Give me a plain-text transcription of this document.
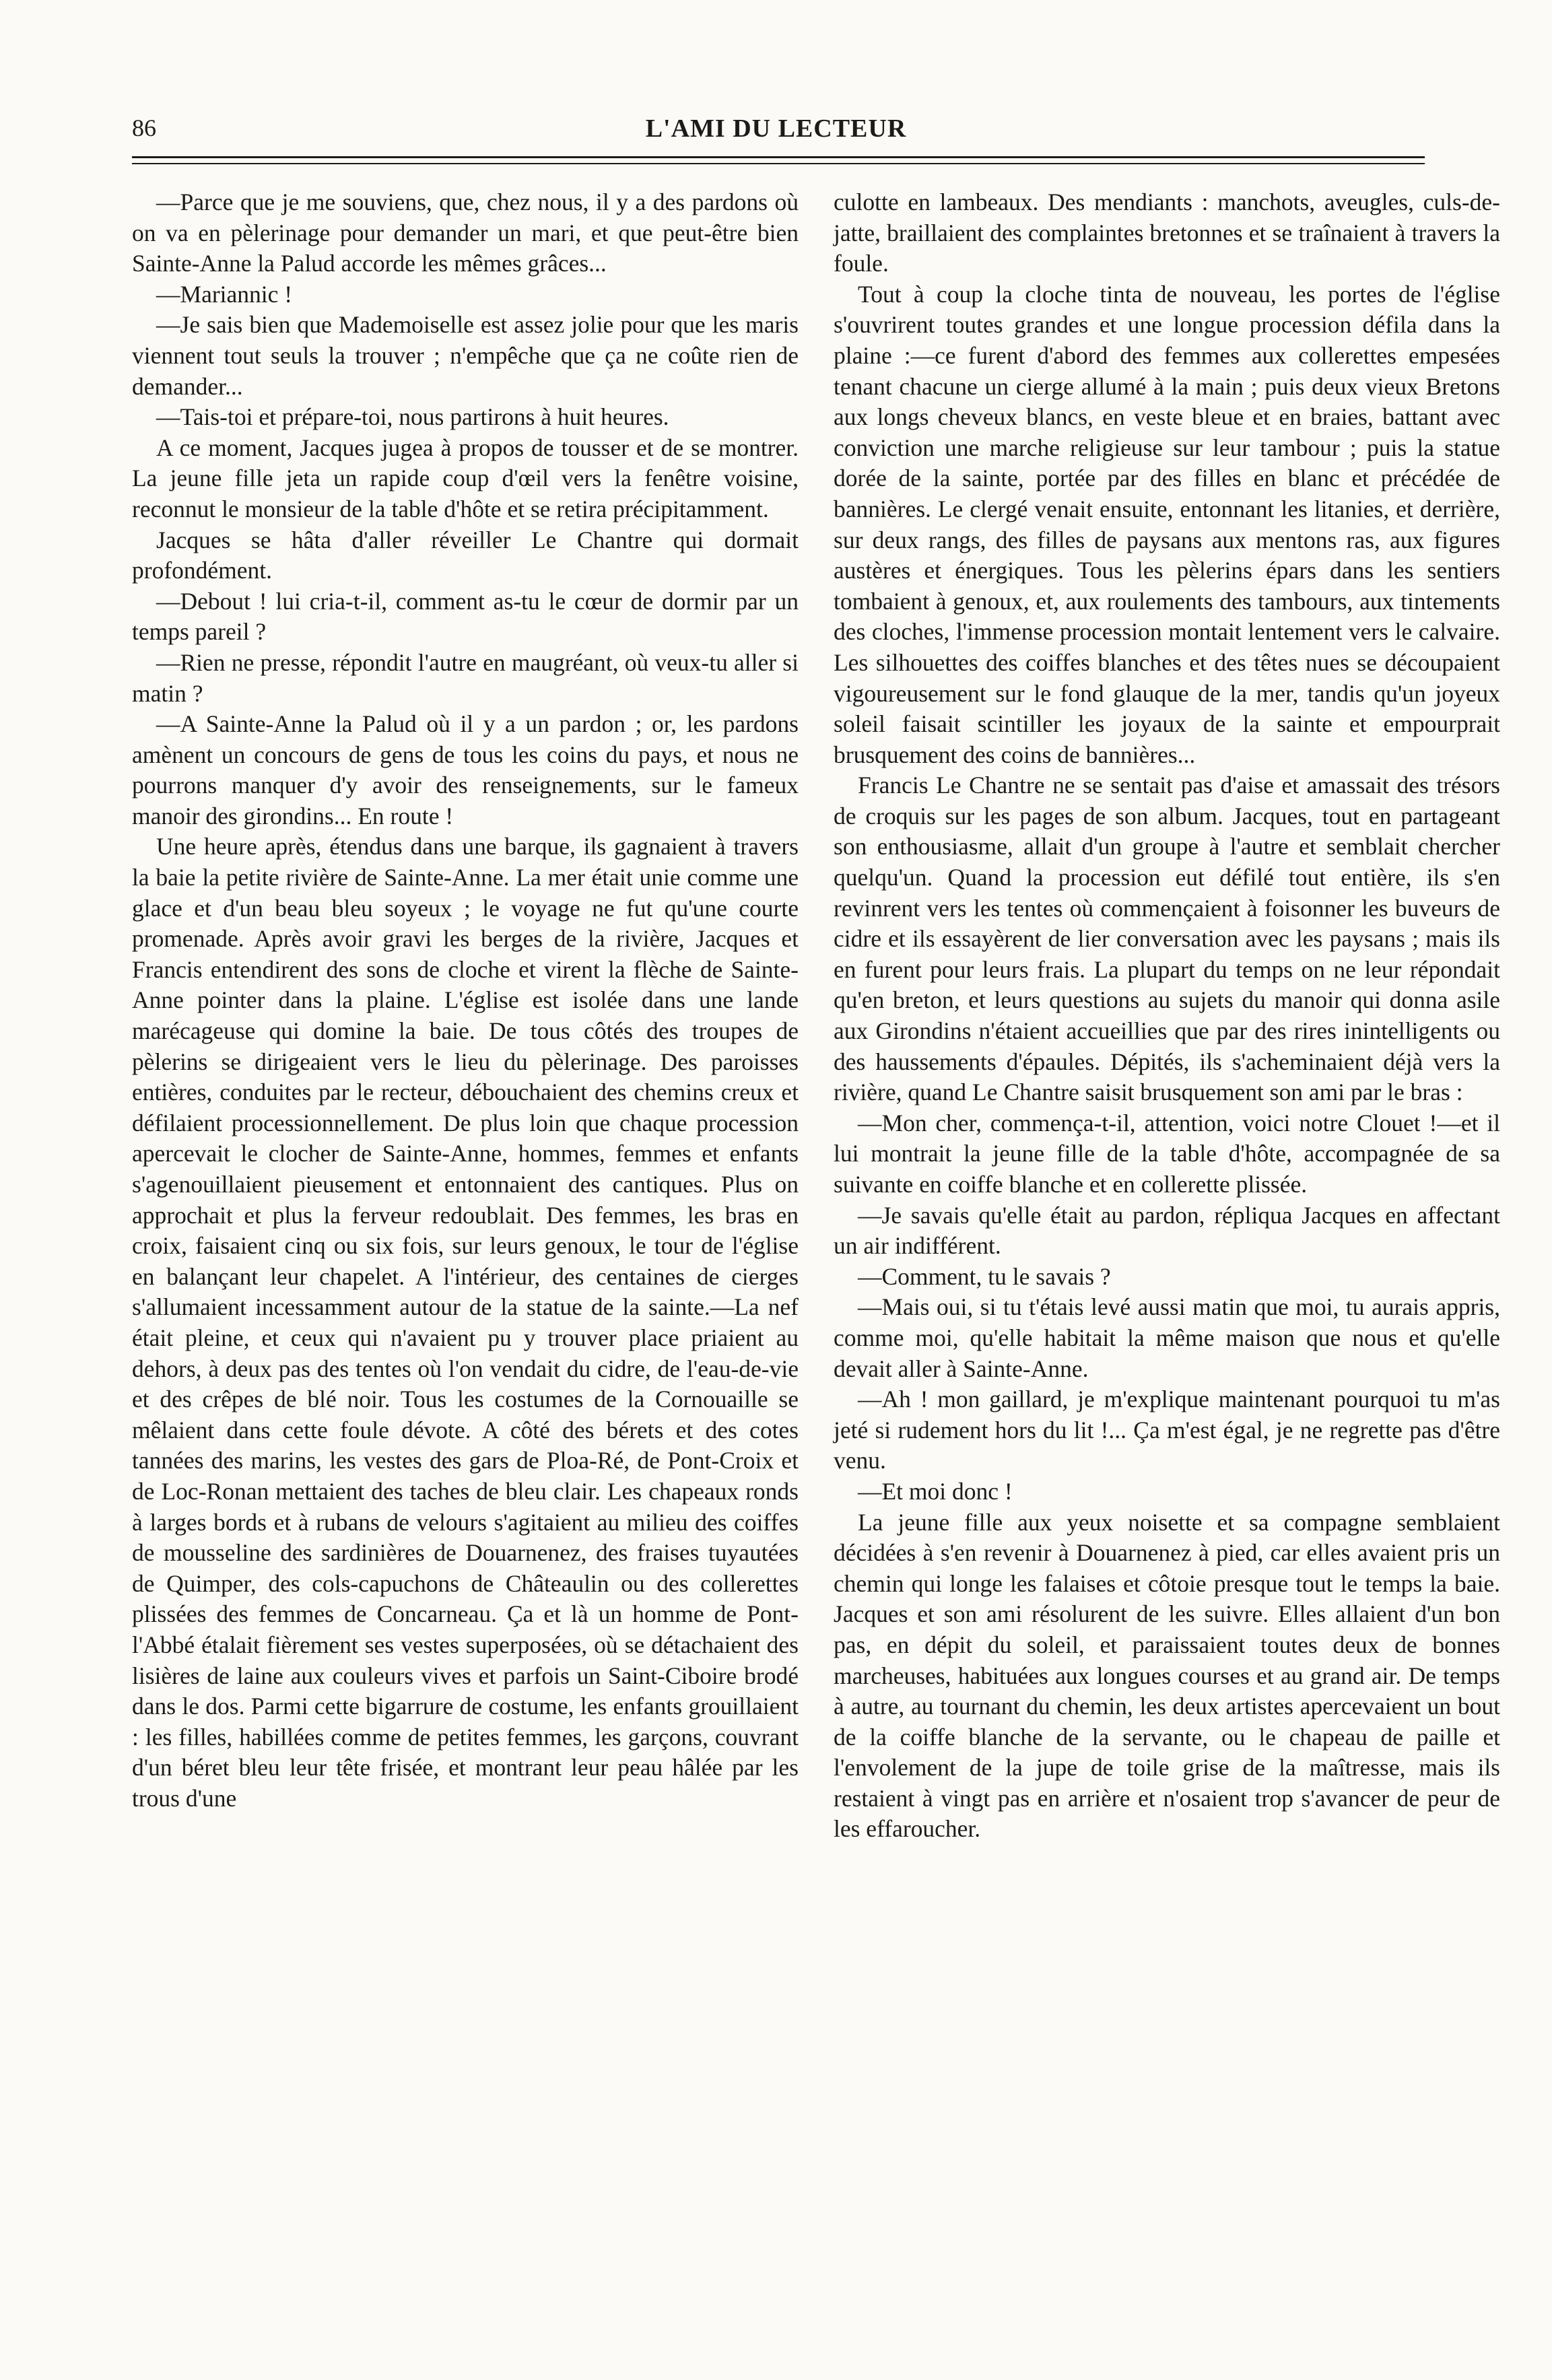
86	L'AMI DU LECTEUR

—Parce que je me souviens, que, chez nous, il y a des pardons où on va en pèlerinage pour demander un mari, et que peut-être bien Sainte-Anne la Palud accorde les mêmes grâces...

—Mariannic !

—Je sais bien que Mademoiselle est assez jolie pour que les maris viennent tout seuls la trouver ; n'empêche que ça ne coûte rien de demander...

—Tais-toi et prépare-toi, nous partirons à huit heures.

A ce moment, Jacques jugea à propos de tousser et de se montrer. La jeune fille jeta un rapide coup d'œil vers la fenêtre voisine, reconnut le monsieur de la table d'hôte et se retira précipitamment.

Jacques se hâta d'aller réveiller Le Chantre qui dormait profondément.

—Debout ! lui cria-t-il, comment as-tu le cœur de dormir par un temps pareil ?

—Rien ne presse, répondit l'autre en maugréant, où veux-tu aller si matin ?

—A Sainte-Anne la Palud où il y a un pardon ; or, les pardons amènent un concours de gens de tous les coins du pays, et nous ne pourrons manquer d'y avoir des renseignements, sur le fameux manoir des girondins... En route !

Une heure après, étendus dans une barque, ils gagnaient à travers la baie la petite rivière de Sainte-Anne. La mer était unie comme une glace et d'un beau bleu soyeux ; le voyage ne fut qu'une courte promenade. Après avoir gravi les berges de la rivière, Jacques et Francis entendirent des sons de cloche et virent la flèche de Sainte-Anne pointer dans la plaine. L'église est isolée dans une lande marécageuse qui domine la baie. De tous côtés des troupes de pèlerins se dirigeaient vers le lieu du pèlerinage. Des paroisses entières, conduites par le recteur, débouchaient des chemins creux et défilaient processionnellement. De plus loin que chaque procession apercevait le clocher de Sainte-Anne, hommes, femmes et enfants s'agenouillaient pieusement et entonnaient des cantiques. Plus on approchait et plus la ferveur redoublait. Des femmes, les bras en croix, faisaient cinq ou six fois, sur leurs genoux, le tour de l'église en balançant leur chapelet. A l'intérieur, des centaines de cierges s'allumaient incessamment autour de la statue de la sainte.—La nef était pleine, et ceux qui n'avaient pu y trouver place priaient au dehors, à deux pas des tentes où l'on vendait du cidre, de l'eau-de-vie et des crêpes de blé noir. Tous les costumes de la Cornouaille se mêlaient dans cette foule dévote. A côté des bérets et des cotes tannées des marins, les vestes des gars de Ploa-Ré, de Pont-Croix et de Loc-Ronan mettaient des taches de bleu clair. Les chapeaux ronds à larges bords et à rubans de velours s'agitaient au milieu des coiffes de mousseline des sardinières de Douarnenez, des fraises tuyautées de Quimper, des cols-capuchons de Châteaulin ou des collerettes plissées des femmes de Concarneau. Ça et là un homme de Pont-l'Abbé étalait fièrement ses vestes superposées, où se détachaient des lisières de laine aux couleurs vives et parfois un Saint-Ciboire brodé dans le dos. Parmi cette bigarrure de costume, les enfants grouillaient : les filles, habillées comme de petites femmes, les garçons, couvrant d'un béret bleu leur tête frisée, et montrant leur peau hâlée par les trous d'une

culotte en lambeaux. Des mendiants : manchots, aveugles, culs-de-jatte, braillaient des complaintes bretonnes et se traînaient à travers la foule.

Tout à coup la cloche tinta de nouveau, les portes de l'église s'ouvrirent toutes grandes et une longue procession défila dans la plaine :—ce furent d'abord des femmes aux collerettes empesées tenant chacune un cierge allumé à la main ; puis deux vieux Bretons aux longs cheveux blancs, en veste bleue et en braies, battant avec conviction une marche religieuse sur leur tambour ; puis la statue dorée de la sainte, portée par des filles en blanc et précédée de bannières. Le clergé venait ensuite, entonnant les litanies, et derrière, sur deux rangs, des filles de paysans aux mentons ras, aux figures austères et énergiques. Tous les pèlerins épars dans les sentiers tombaient à genoux, et, aux roulements des tambours, aux tintements des cloches, l'immense procession montait lentement vers le calvaire. Les silhouettes des coiffes blanches et des têtes nues se découpaient vigoureusement sur le fond glauque de la mer, tandis qu'un joyeux soleil faisait scintiller les joyaux de la sainte et empourprait brusquement des coins de bannières...

Francis Le Chantre ne se sentait pas d'aise et amassait des trésors de croquis sur les pages de son album. Jacques, tout en partageant son enthousiasme, allait d'un groupe à l'autre et semblait chercher quelqu'un. Quand la procession eut défilé tout entière, ils s'en revinrent vers les tentes où commençaient à foisonner les buveurs de cidre et ils essayèrent de lier conversation avec les paysans ; mais ils en furent pour leurs frais. La plupart du temps on ne leur répondait qu'en breton, et leurs questions au sujets du manoir qui donna asile aux Girondins n'étaient accueillies que par des rires inintelligents ou des haussements d'épaules. Dépités, ils s'acheminaient déjà vers la rivière, quand Le Chantre saisit brusquement son ami par le bras :

—Mon cher, commença-t-il, attention, voici notre Clouet !—et il lui montrait la jeune fille de la table d'hôte, accompagnée de sa suivante en coiffe blanche et en collerette plissée.

—Je savais qu'elle était au pardon, répliqua Jacques en affectant un air indifférent.

—Comment, tu le savais ?

—Mais oui, si tu t'étais levé aussi matin que moi, tu aurais appris, comme moi, qu'elle habitait la même maison que nous et qu'elle devait aller à Sainte-Anne.

—Ah ! mon gaillard, je m'explique maintenant pourquoi tu m'as jeté si rudement hors du lit !... Ça m'est égal, je ne regrette pas d'être venu.

—Et moi donc !

La jeune fille aux yeux noisette et sa compagne semblaient décidées à s'en revenir à Douarnenez à pied, car elles avaient pris un chemin qui longe les falaises et côtoie presque tout le temps la baie. Jacques et son ami résolurent de les suivre. Elles allaient d'un bon pas, en dépit du soleil, et paraissaient toutes deux de bonnes marcheuses, habituées aux longues courses et au grand air. De temps à autre, au tournant du chemin, les deux artistes apercevaient un bout de la coiffe blanche de la servante, ou le chapeau de paille et l'envolement de la jupe de toile grise de la maîtresse, mais ils restaient à vingt pas en arrière et n'osaient trop s'avancer de peur de les effaroucher.
